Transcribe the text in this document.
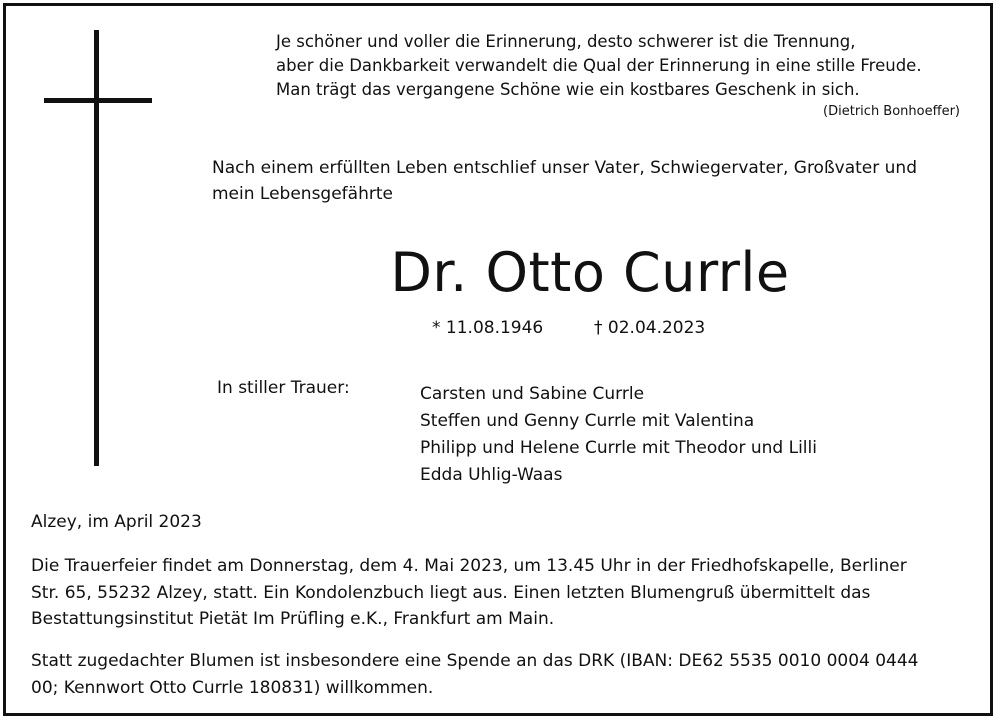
Je schöner und voller die Erinnerung, desto schwerer ist die Trennung,
aber die Dankbarkeit verwandelt die Qual der Erinnerung in eine stille Freude.
Man trägt das vergangene Schöne wie ein kostbares Geschenk in sich.
(Dietrich Bonhoeffer)
Nach einem erfüllten Leben entschlief unser Vater, Schwiegervater, Großvater und
mein Lebensgefährte
Dr. Otto Currle
* 11.08.1946	† 02.04.2023
In stiller Trauer:	Carsten und Sabine Currle
Steffen und Genny Currle mit Valentina
Philipp und Helene Currle mit Theodor und Lilli
Edda Uhlig-Waas
Alzey, im April 2023
Die Trauerfeier findet am Donnerstag, dem 4. Mai 2023, um 13.45 Uhr in der Friedhofskapelle, Berliner
Str. 65, 55232 Alzey, statt. Ein Kondolenzbuch liegt aus. Einen letzten Blumengruß übermittelt das
Bestattungsinstitut Pietät Im Prüfling e.K., Frankfurt am Main.
Statt zugedachter Blumen ist insbesondere eine Spende an das DRK (IBAN: DE62 5535 0010 0004 0444
00; Kennwort Otto Currle 180831) willkommen.
